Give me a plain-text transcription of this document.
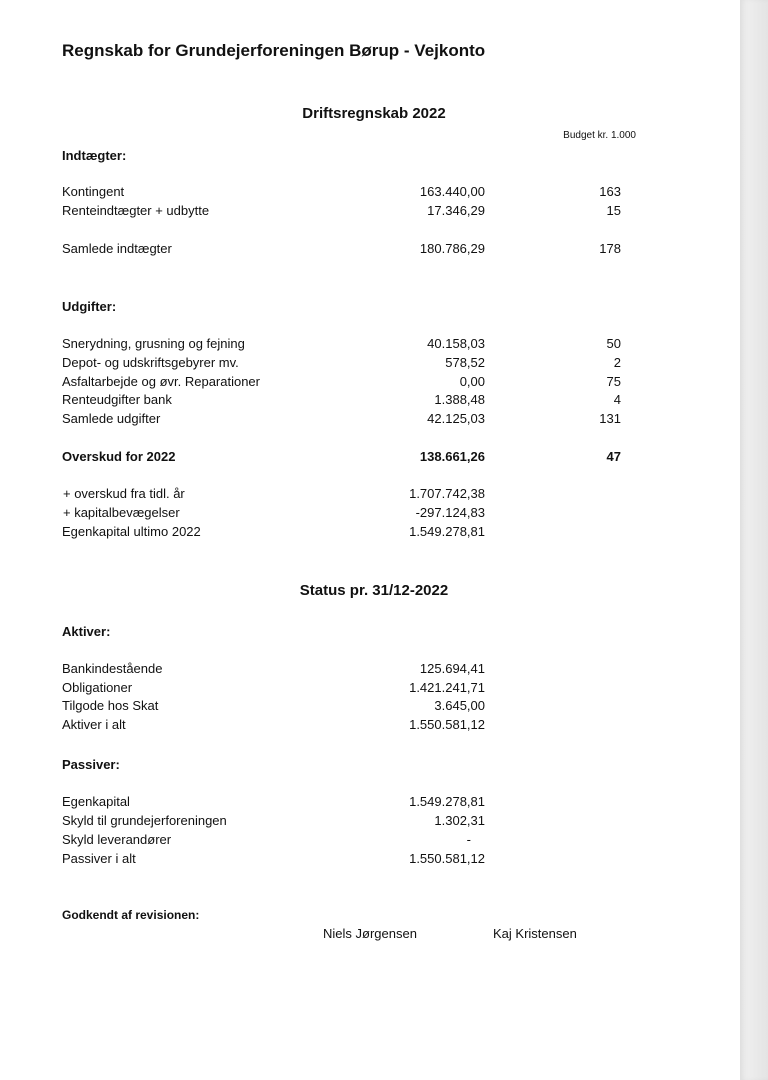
Regnskab for Grundejerforeningen Børup - Vejkonto
Driftsregnskab 2022
Budget kr. 1.000
Indtægter:
Kontingent	163.440,00	163
Renteindtægter + udbytte	17.346,29	15
Samlede indtægter	180.786,29	178
Udgifter:
Snerydning, grusning og fejning	40.158,03	50
Depot- og udskriftsgebyrer mv.	578,52	2
Asfaltarbejde og øvr. Reparationer	0,00	75
Renteudgifter bank	1.388,48	4
Samlede udgifter	42.125,03	131
Overskud for 2022	138.661,26	47
+ overskud fra tidl. år	1.707.742,38
+ kapitalbevægelser	-297.124,83
Egenkapital ultimo 2022	1.549.278,81
Status pr. 31/12-2022
Aktiver:
Bankindestående	125.694,41
Obligationer	1.421.241,71
Tilgode hos Skat	3.645,00
Aktiver i alt	1.550.581,12
Passiver:
Egenkapital	1.549.278,81
Skyld til grundejerforeningen	1.302,31
Skyld leverandører	-
Passiver i alt	1.550.581,12
Godkendt af revisionen:
Niels Jørgensen	Kaj Kristensen
